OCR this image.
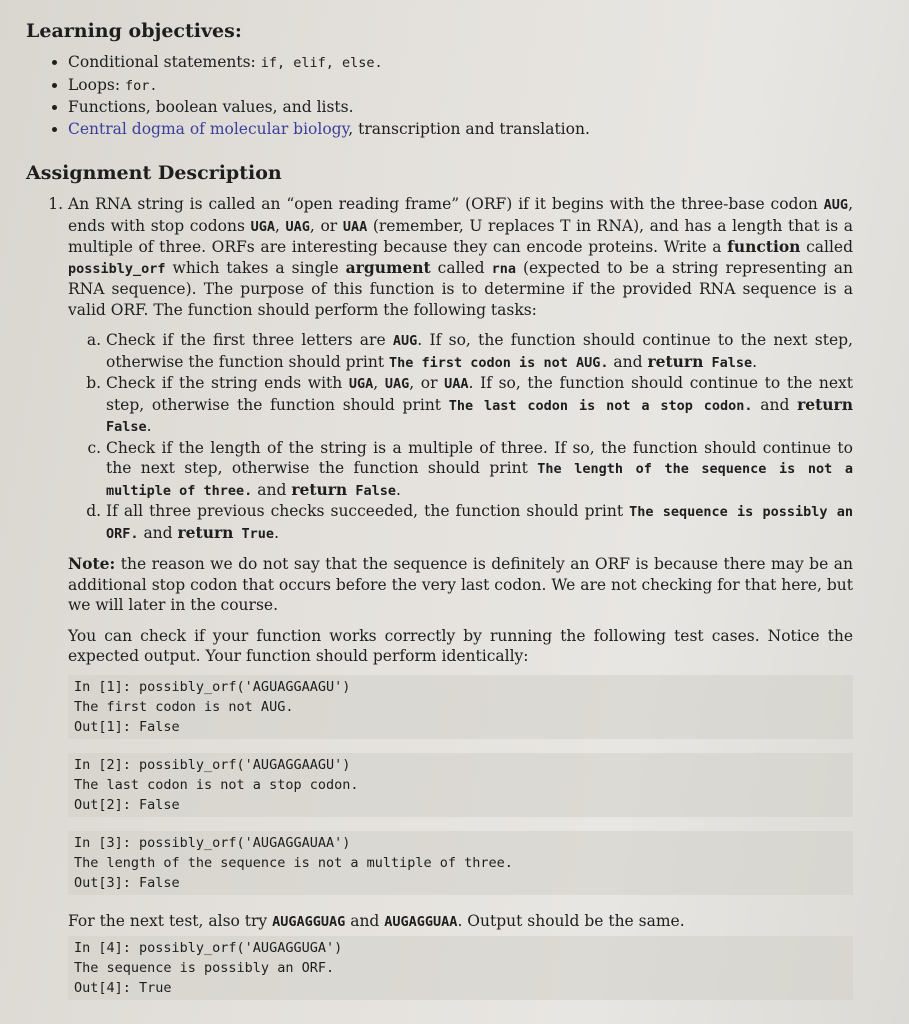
Learning objectives:
• Conditional statements: if, elif, else.
• Loops: for.
• Functions, boolean values, and lists.
• Central dogma of molecular biology, transcription and translation.
Assignment Description
1. An RNA string is called an “open reading frame” (ORF) if it begins with the three-base codon AUG, ends with stop codons UGA, UAG, or UAA (remember, U replaces T in RNA), and has a length that is a multiple of three. ORFs are interesting because they can encode proteins. Write a function called possibly_orf which takes a single argument called rna (expected to be a string representing an RNA sequence). The purpose of this function is to determine if the provided RNA sequence is a valid ORF. The function should perform the following tasks:
a. Check if the first three letters are AUG. If so, the function should continue to the next step, otherwise the function should print The first codon is not AUG. and return False.
b. Check if the string ends with UGA, UAG, or UAA. If so, the function should continue to the next step, otherwise the function should print The last codon is not a stop codon. and return False.
c. Check if the length of the string is a multiple of three. If so, the function should continue to the next step, otherwise the function should print The length of the sequence is not a multiple of three. and return False.
d. If all three previous checks succeeded, the function should print The sequence is possibly an ORF. and return True.
Note: the reason we do not say that the sequence is definitely an ORF is because there may be an additional stop codon that occurs before the very last codon. We are not checking for that here, but we will later in the course.
You can check if your function works correctly by running the following test cases. Notice the expected output. Your function should perform identically:
In [1]: possibly_orf('AGUAGGAAGU')
The first codon is not AUG.
Out[1]: False
In [2]: possibly_orf('AUGAGGAAGU')
The last codon is not a stop codon.
Out[2]: False
In [3]: possibly_orf('AUGAGGAUAA')
The length of the sequence is not a multiple of three.
Out[3]: False
For the next test, also try AUGAGGUAG and AUGAGGUAA. Output should be the same.
In [4]: possibly_orf('AUGAGGUGA')
The sequence is possibly an ORF.
Out[4]: True
